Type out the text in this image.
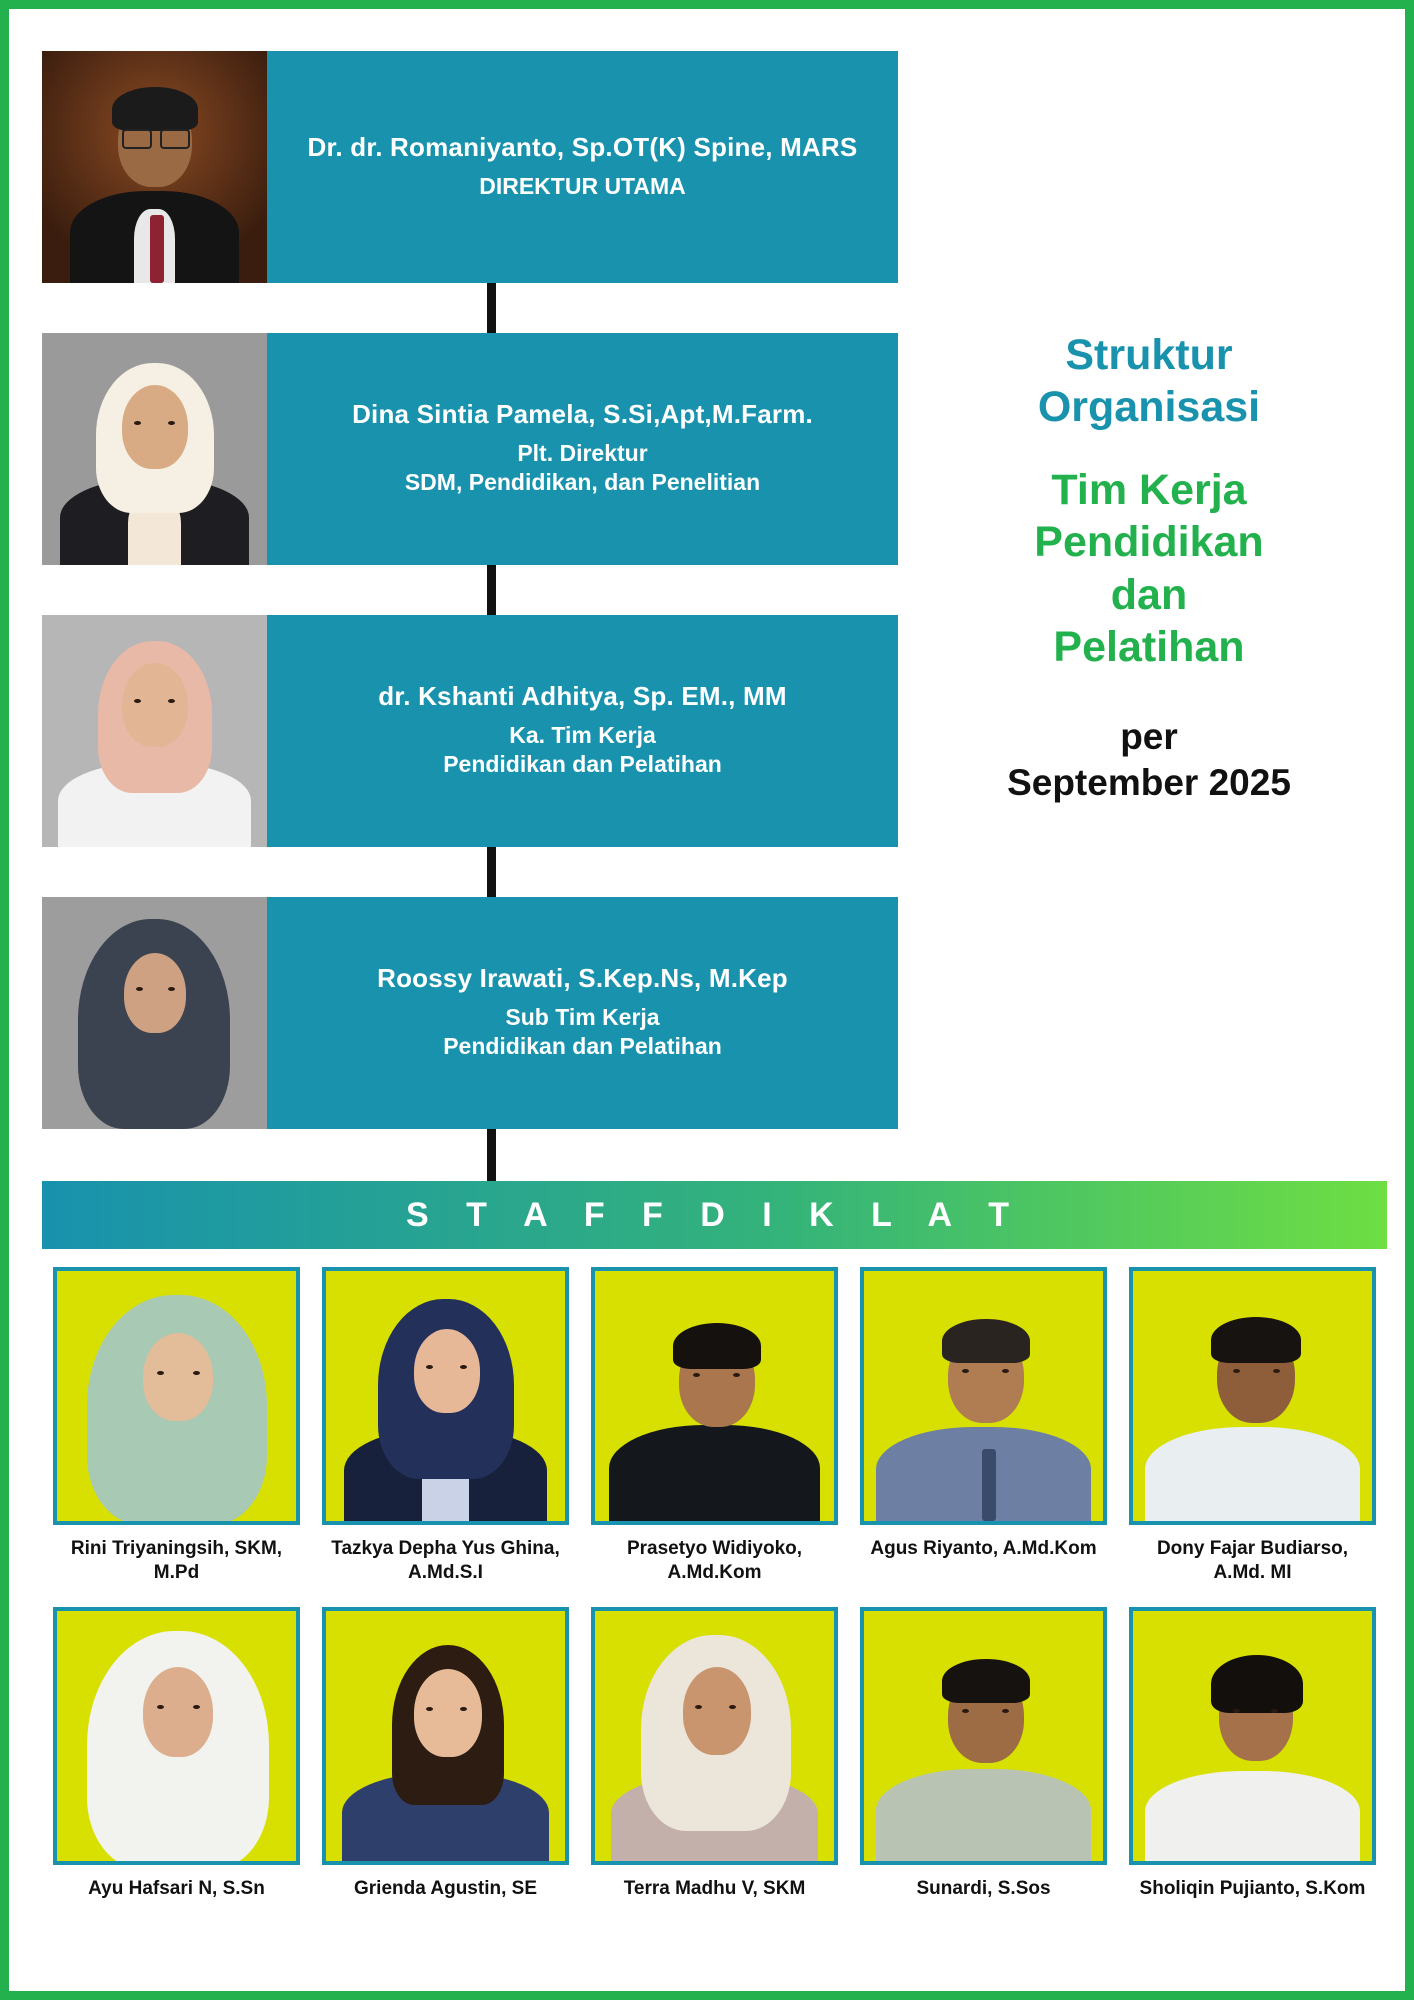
Dr. dr. Romaniyanto, Sp.OT(K) Spine, MARS
DIREKTUR UTAMA
Dina Sintia Pamela, S.Si,Apt,M.Farm.
Plt. Direktur
SDM, Pendidikan, dan Penelitian
dr. Kshanti Adhitya, Sp. EM., MM
Ka. Tim Kerja
Pendidikan dan Pelatihan
Roossy Irawati, S.Kep.Ns, M.Kep
Sub Tim Kerja
Pendidikan dan Pelatihan
Struktur
Organisasi
Tim Kerja
Pendidikan
dan
Pelatihan
per
September 2025
S T A F F D I K L A T
Rini Triyaningsih, SKM, M.Pd
Tazkya Depha Yus Ghina, A.Md.S.I
Prasetyo Widiyoko, A.Md.Kom
Agus Riyanto, A.Md.Kom	Dony Fajar Budiarso, A.Md. MI
Ayu Hafsari N, S.Sn	Grienda Agustin, SE	Terra Madhu V, SKM	Sunardi, S.Sos	Sholiqin Pujianto, S.Kom
